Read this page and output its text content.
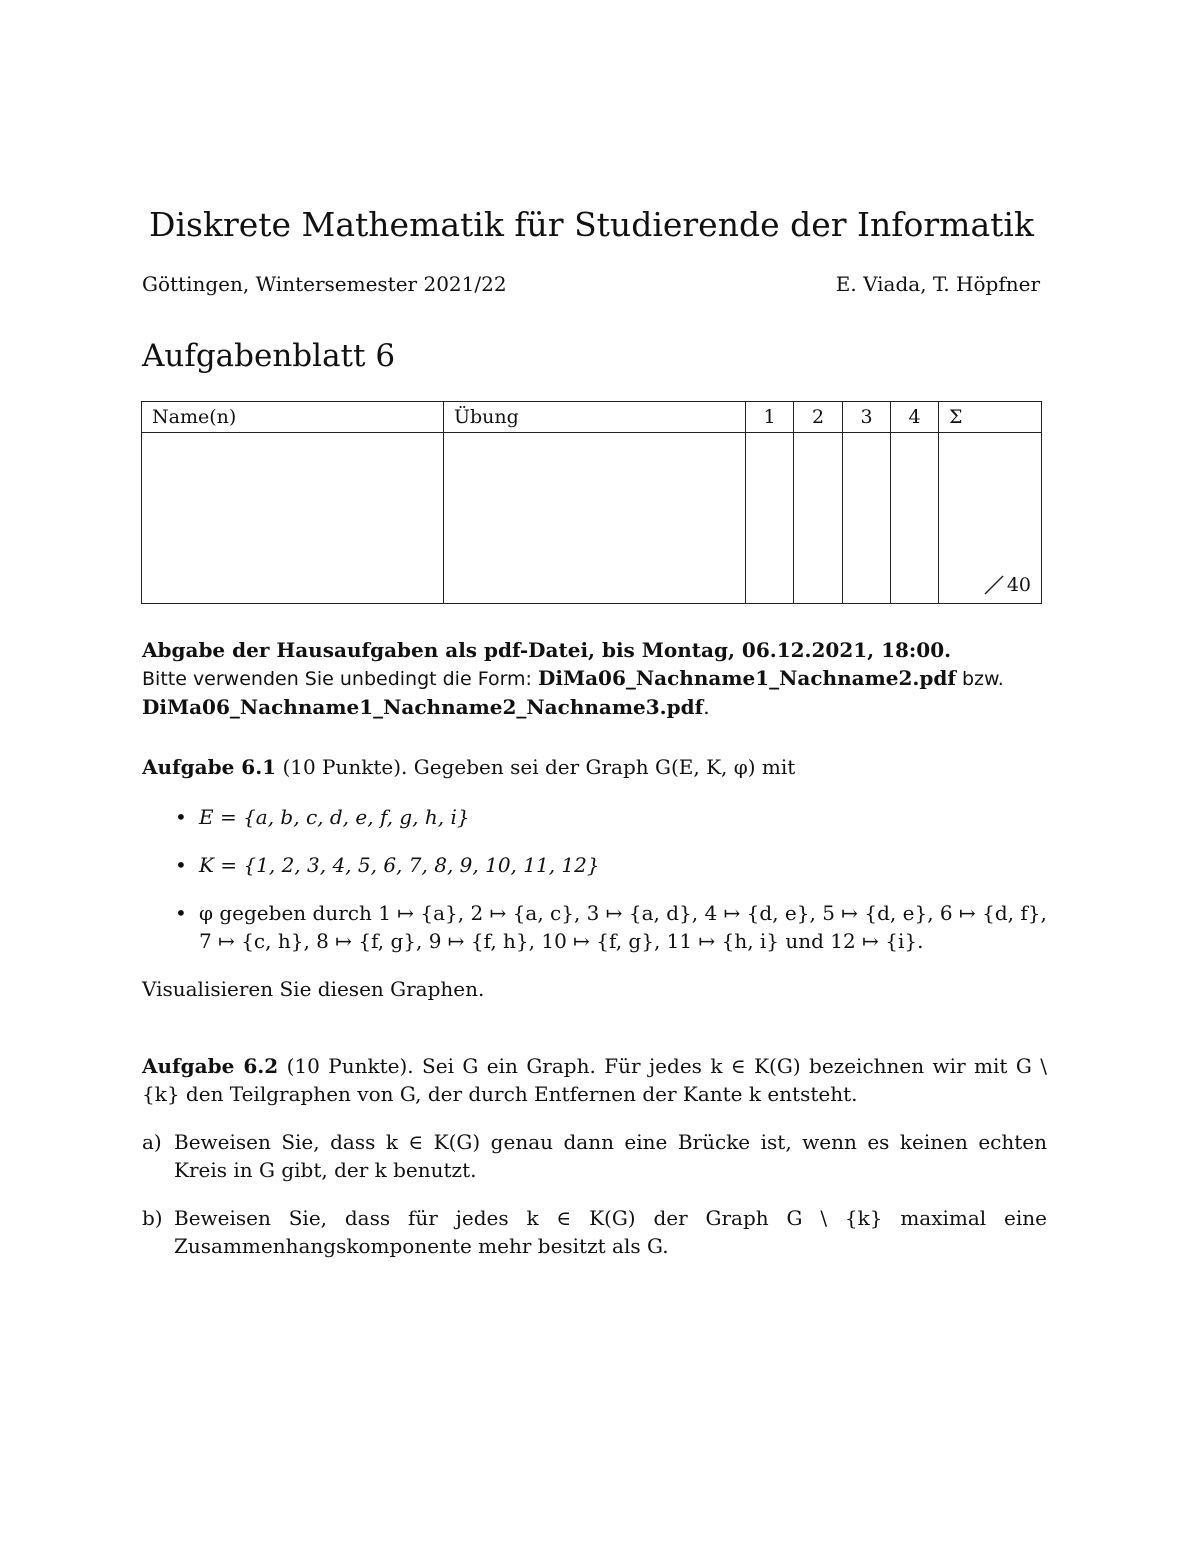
Diskrete Mathematik für Studierende der Informatik
Göttingen, Wintersemester 2021/22	E. Viada, T. Höpfner
Aufgabenblatt 6
Name(n)	Übung	1	2	3	4	Σ

						40
Abgabe der Hausaufgaben als pdf-Datei, bis Montag, 06.12.2021, 18:00.
Bitte verwenden Sie unbedingt die Form: DiMa06_Nachname1_Nachname2.pdf bzw.
DiMa06_Nachname1_Nachname2_Nachname3.pdf.
Aufgabe 6.1 (10 Punkte). Gegeben sei der Graph G(E, K, φ) mit
• E = {a, b, c, d, e, f, g, h, i}
• K = {1, 2, 3, 4, 5, 6, 7, 8, 9, 10, 11, 12}
• φ gegeben durch 1 ↦ {a}, 2 ↦ {a, c}, 3 ↦ {a, d}, 4 ↦ {d, e}, 5 ↦ {d, e}, 6 ↦ {d, f}, 7 ↦ {c, h}, 8 ↦ {f, g}, 9 ↦ {f, h}, 10 ↦ {f, g}, 11 ↦ {h, i} und 12 ↦ {i}.
Visualisieren Sie diesen Graphen.
Aufgabe 6.2 (10 Punkte). Sei G ein Graph. Für jedes k ∈ K(G) bezeichnen wir mit G \ {k} den Teilgraphen von G, der durch Entfernen der Kante k entsteht.
a) Beweisen Sie, dass k ∈ K(G) genau dann eine Brücke ist, wenn es keinen echten Kreis in G gibt, der k benutzt.
b) Beweisen Sie, dass für jedes k ∈ K(G) der Graph G \ {k} maximal eine Zusammenhangskomponente mehr besitzt als G.
